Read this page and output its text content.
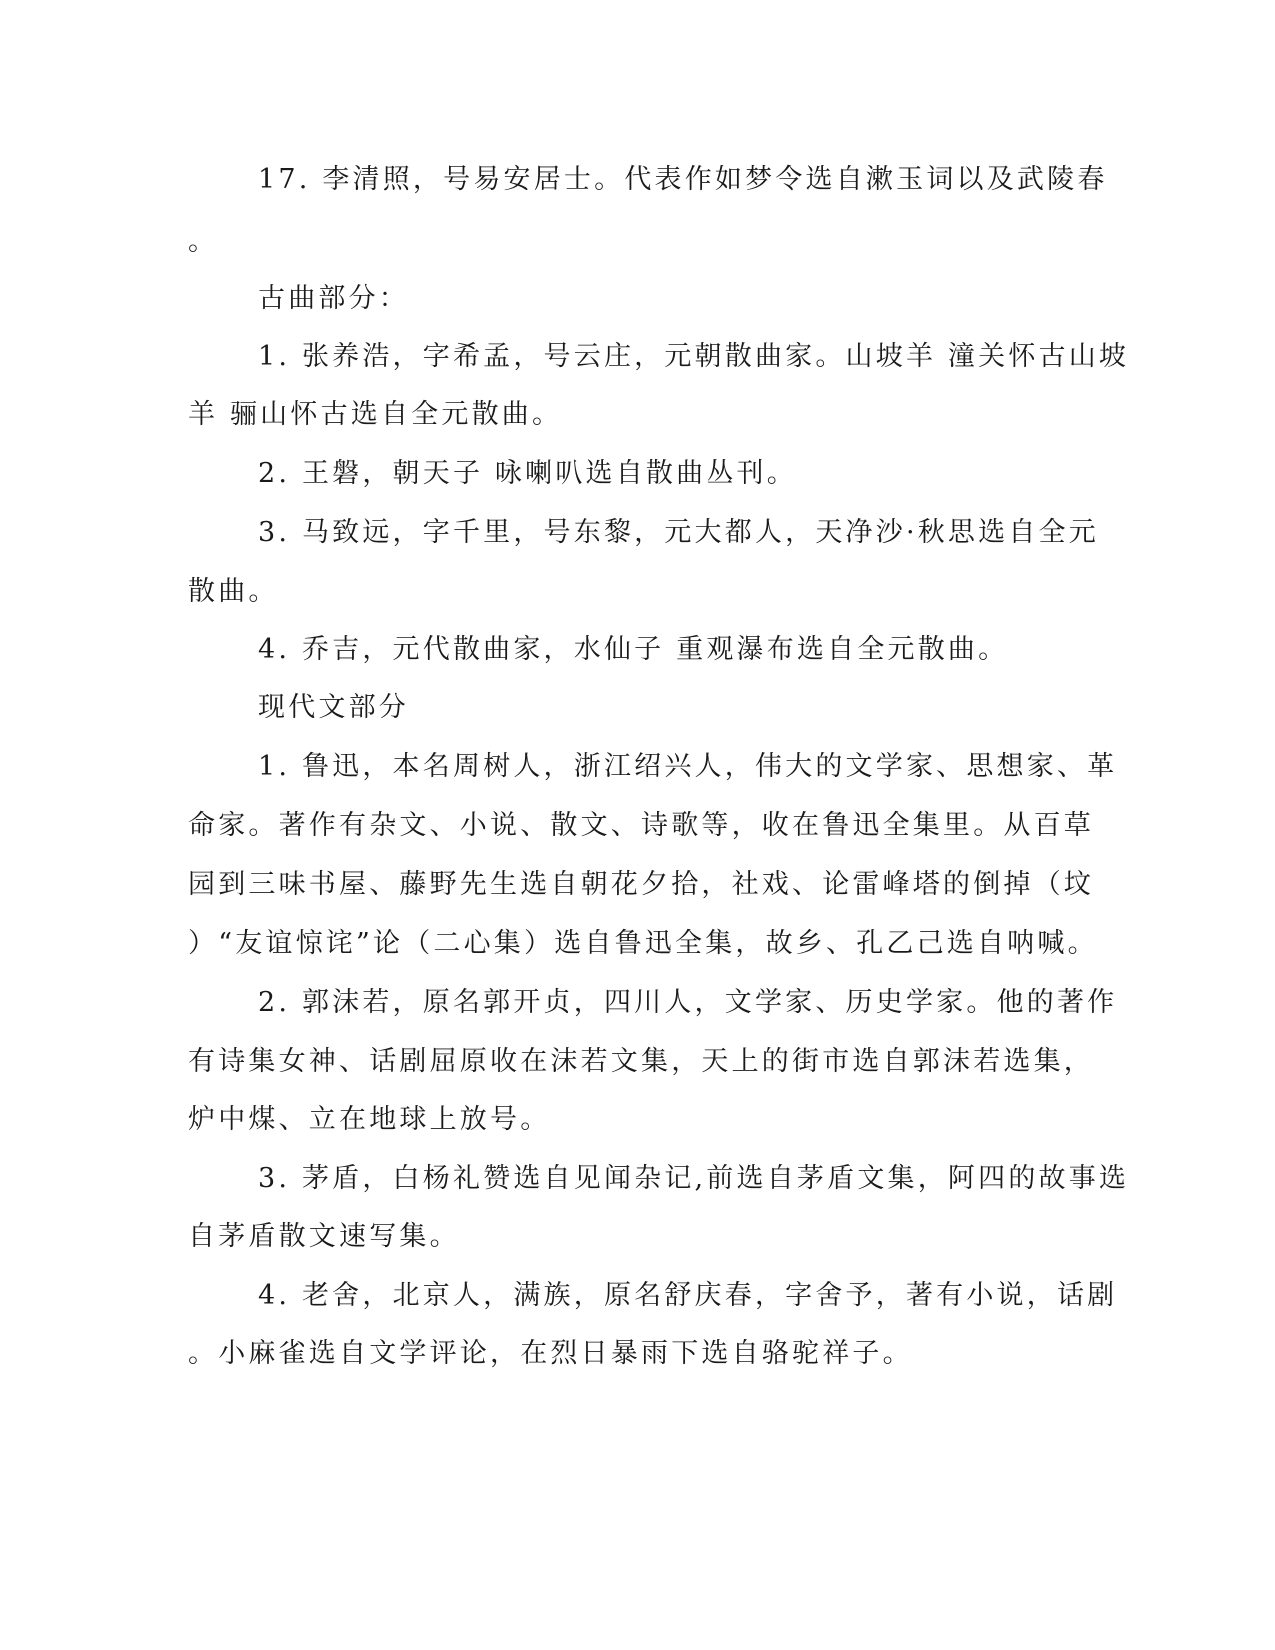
17. 李清照，号易安居士。代表作如梦令选自漱玉词以及武陵春
。
古曲部分：
1. 张养浩，字希孟，号云庄，元朝散曲家。山坡羊 潼关怀古山坡
羊 骊山怀古选自全元散曲。
2. 王磐，朝天子 咏喇叭选自散曲丛刊。
3. 马致远，字千里，号东黎，元大都人，天净沙·秋思选自全元
散曲。
4. 乔吉，元代散曲家，水仙子 重观瀑布选自全元散曲。
现代文部分
1. 鲁迅，本名周树人，浙江绍兴人，伟大的文学家、思想家、革
命家。著作有杂文、小说、散文、诗歌等，收在鲁迅全集里。从百草
园到三味书屋、藤野先生选自朝花夕拾，社戏、论雷峰塔的倒掉（坟
）“友谊惊诧”论（二心集）选自鲁迅全集，故乡、孔乙己选自呐喊。
2. 郭沫若，原名郭开贞，四川人，文学家、历史学家。他的著作
有诗集女神、话剧屈原收在沫若文集，天上的街市选自郭沫若选集，
炉中煤、立在地球上放号。
3. 茅盾，白杨礼赞选自见闻杂记,前选自茅盾文集，阿四的故事选
自茅盾散文速写集。
4. 老舍，北京人，满族，原名舒庆春，字舍予，著有小说，话剧
。小麻雀选自文学评论，在烈日暴雨下选自骆驼祥子。
